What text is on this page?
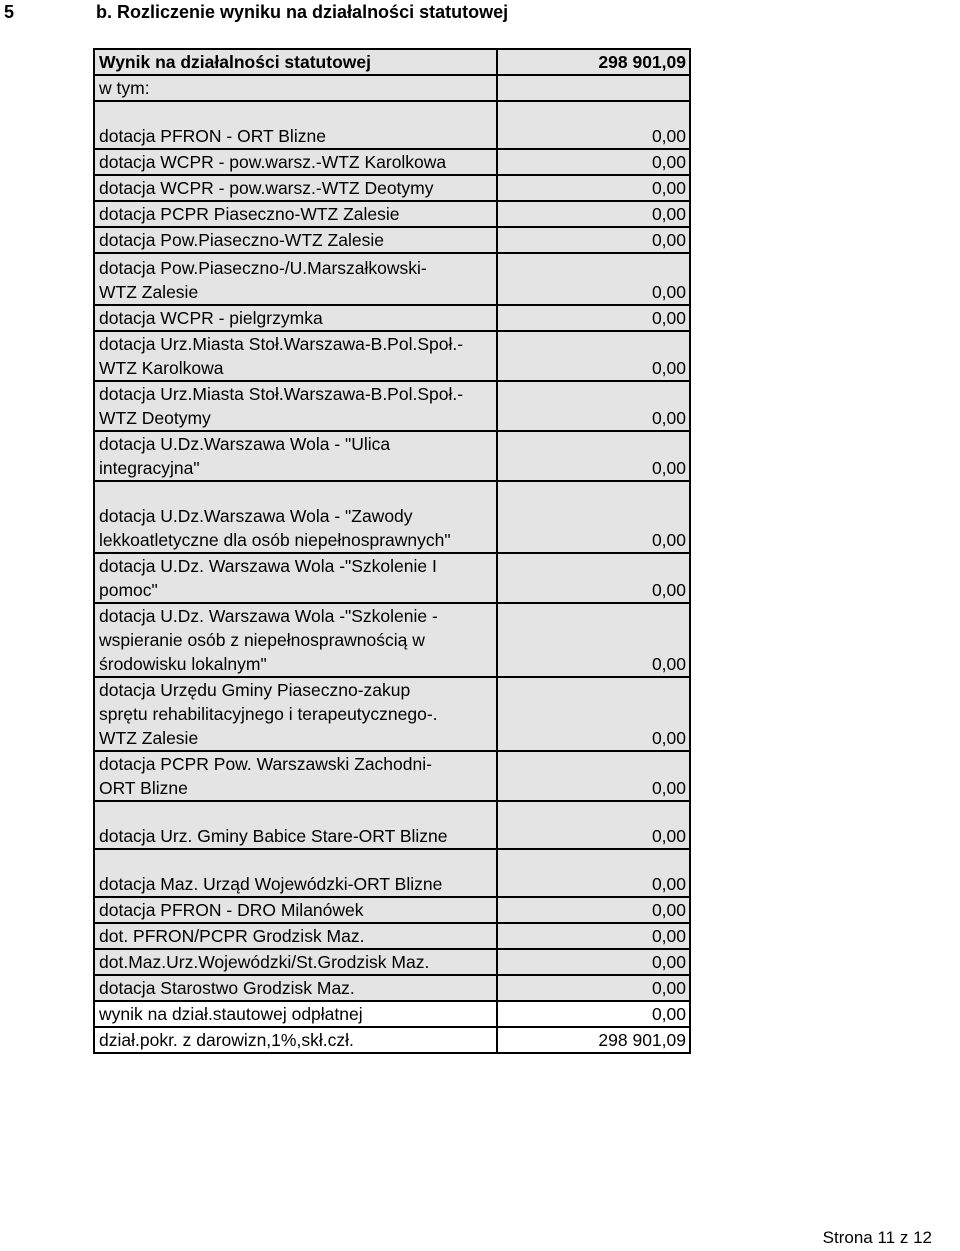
5	b. Rozliczenie wyniku na działalności statutowej
Wynik na działalności statutowej	298 901,09
w tym:	
dotacja PFRON - ORT Blizne	0,00
dotacja WCPR - pow.warsz.-WTZ Karolkowa	0,00
dotacja WCPR - pow.warsz.-WTZ Deotymy	0,00
dotacja PCPR Piaseczno-WTZ Zalesie	0,00
dotacja Pow.Piaseczno-WTZ Zalesie	0,00
dotacja Pow.Piaseczno-/U.Marszałkowski-
WTZ Zalesie	0,00
dotacja WCPR - pielgrzymka	0,00
dotacja Urz.Miasta Stoł.Warszawa-B.Pol.Społ.-
WTZ Karolkowa	0,00
dotacja Urz.Miasta Stoł.Warszawa-B.Pol.Społ.-
WTZ Deotymy	0,00
dotacja U.Dz.Warszawa Wola - "Ulica
integracyjna"	0,00
dotacja U.Dz.Warszawa Wola - "Zawody
lekkoatletyczne dla osób niepełnosprawnych"	0,00
dotacja U.Dz. Warszawa Wola -"Szkolenie I
pomoc"	0,00
dotacja U.Dz. Warszawa Wola -"Szkolenie -
wspieranie osób z niepełnosprawnością w
środowisku lokalnym"	0,00
dotacja Urzędu Gminy Piaseczno-zakup
sprętu rehabilitacyjnego i terapeutycznego-.
WTZ Zalesie	0,00
dotacja PCPR Pow. Warszawski Zachodni-
ORT Blizne	0,00
dotacja Urz. Gminy Babice Stare-ORT Blizne	0,00
dotacja Maz. Urząd Wojewódzki-ORT Blizne	0,00
dotacja PFRON - DRO Milanówek	0,00
dot. PFRON/PCPR Grodzisk Maz.	0,00
dot.Maz.Urz.Wojewódzki/St.Grodzisk Maz.	0,00
dotacja Starostwo Grodzisk Maz.	0,00
wynik na dział.stautowej odpłatnej	0,00
dział.pokr. z darowizn,1%,skł.czł.	298 901,09
Strona 11 z 12
